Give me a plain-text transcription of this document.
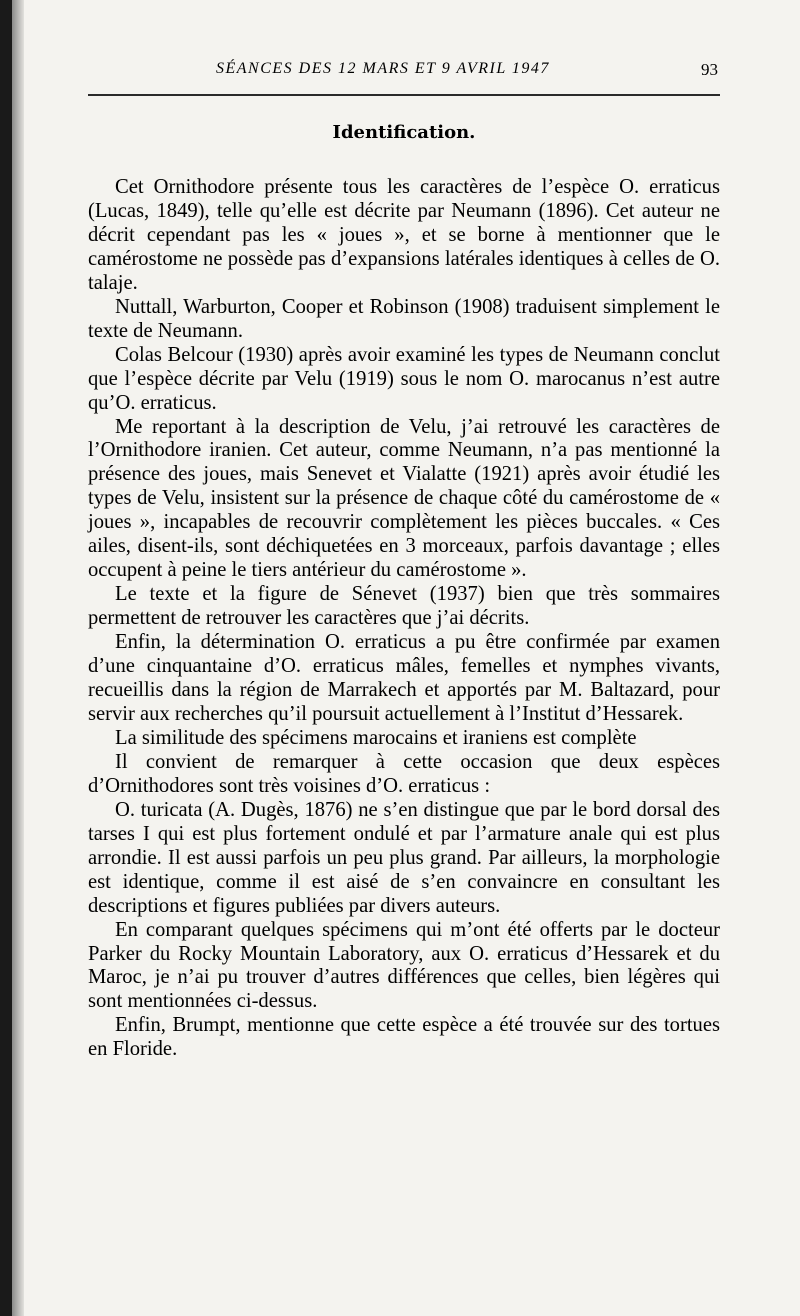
SÉANCES DES 12 MARS ET 9 AVRIL 1947	93
Identification.

Cet Ornithodore présente tous les caractères de l’espèce O. erraticus (Lucas, 1849), telle qu’elle est décrite par Neumann (1896). Cet auteur ne décrit cependant pas les « joues », et se borne à mentionner que le camérostome ne possède pas d’expansions latérales identiques à celles de O. talaje.

Nuttall, Warburton, Cooper et Robinson (1908) traduisent simplement le texte de Neumann.

Colas Belcour (1930) après avoir examiné les types de Neumann conclut que l’espèce décrite par Velu (1919) sous le nom O. marocanus n’est autre qu’O. erraticus.

Me reportant à la description de Velu, j’ai retrouvé les caractères de l’Ornithodore iranien. Cet auteur, comme Neumann, n’a pas mentionné la présence des joues, mais Senevet et Vialatte (1921) après avoir étudié les types de Velu, insistent sur la présence de chaque côté du camérostome de « joues », incapables de recouvrir complètement les pièces buccales. « Ces ailes, disent-ils, sont déchiquetées en 3 morceaux, parfois davantage ; elles occupent à peine le tiers antérieur du camérostome ».

Le texte et la figure de Sénevet (1937) bien que très sommaires permettent de retrouver les caractères que j’ai décrits.

Enfin, la détermination O. erraticus a pu être confirmée par examen d’une cinquantaine d’O. erraticus mâles, femelles et nymphes vivants, recueillis dans la région de Marrakech et apportés par M. Baltazard, pour servir aux recherches qu’il poursuit actuellement à l’Institut d’Hessarek.

La similitude des spécimens marocains et iraniens est complète

Il convient de remarquer à cette occasion que deux espèces d’Ornithodores sont très voisines d’O. erraticus :

O. turicata (A. Dugès, 1876) ne s’en distingue que par le bord dorsal des tarses I qui est plus fortement ondulé et par l’armature anale qui est plus arrondie. Il est aussi parfois un peu plus grand. Par ailleurs, la morphologie est identique, comme il est aisé de s’en convaincre en consultant les descriptions et figures publiées par divers auteurs.

En comparant quelques spécimens qui m’ont été offerts par le docteur Parker du Rocky Mountain Laboratory, aux O. erraticus d’Hessarek et du Maroc, je n’ai pu trouver d’autres différences que celles, bien légères qui sont mentionnées ci-dessus.

Enfin, Brumpt, mentionne que cette espèce a été trouvée sur des tortues en Floride.
